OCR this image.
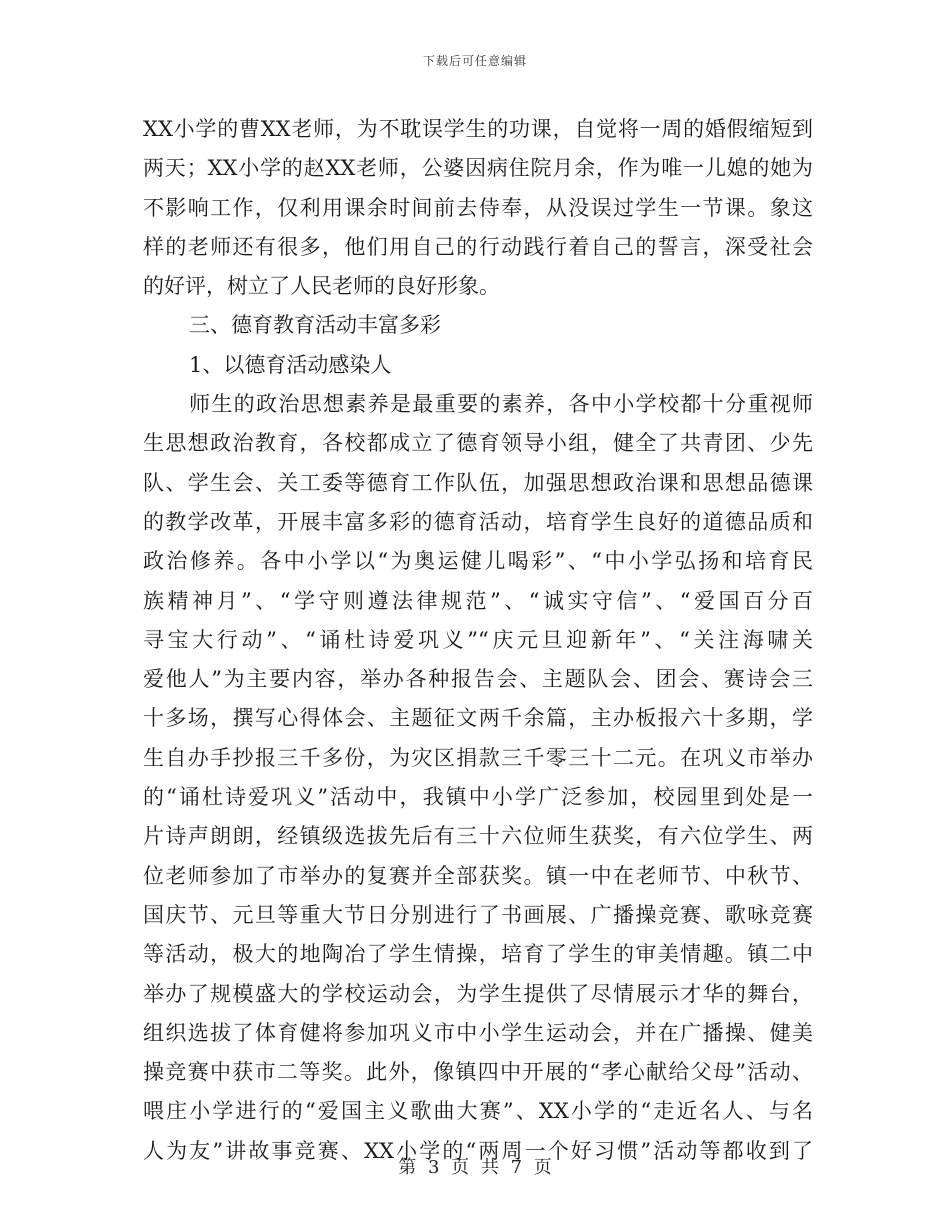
下载后可任意编辑
XX小学的曹XX老师，为不耽误学生的功课，自觉将一周的婚假缩短到
两天；XX小学的赵XX老师，公婆因病住院月余，作为唯一儿媳的她为
不影响工作，仅利用课余时间前去侍奉，从没误过学生一节课。象这
样的老师还有很多，他们用自己的行动践行着自己的誓言，深受社会
的好评，树立了人民老师的良好形象。
三、德育教育活动丰富多彩
1、以德育活动感染人
师生的政治思想素养是最重要的素养，各中小学校都十分重视师
生思想政治教育，各校都成立了德育领导小组，健全了共青团、少先
队、学生会、关工委等德育工作队伍，加强思想政治课和思想品德课
的教学改革，开展丰富多彩的德育活动，培育学生良好的道德品质和
政治修养。各中小学以“为奥运健儿喝彩”、“中小学弘扬和培育民
族精神月”、“学守则遵法律规范”、“诚实守信”、“爱国百分百
寻宝大行动”、“诵杜诗爱巩义”“庆元旦迎新年”、“关注海啸关
爱他人”为主要内容，举办各种报告会、主题队会、团会、赛诗会三
十多场，撰写心得体会、主题征文两千余篇，主办板报六十多期，学
生自办手抄报三千多份，为灾区捐款三千零三十二元。在巩义市举办
的“诵杜诗爱巩义”活动中，我镇中小学广泛参加，校园里到处是一
片诗声朗朗，经镇级选拔先后有三十六位师生获奖，有六位学生、两
位老师参加了市举办的复赛并全部获奖。镇一中在老师节、中秋节、
国庆节、元旦等重大节日分别进行了书画展、广播操竞赛、歌咏竞赛
等活动，极大的地陶冶了学生情操，培育了学生的审美情趣。镇二中
举办了规模盛大的学校运动会，为学生提供了尽情展示才华的舞台，
组织选拔了体育健将参加巩义市中小学生运动会，并在广播操、健美
操竞赛中获市二等奖。此外，像镇四中开展的“孝心献给父母”活动、
喂庄小学进行的“爱国主义歌曲大赛”、XX小学的“走近名人、与名
人为友”讲故事竞赛、XX小学的“两周一个好习惯”活动等都收到了
第 3 页 共 7 页
